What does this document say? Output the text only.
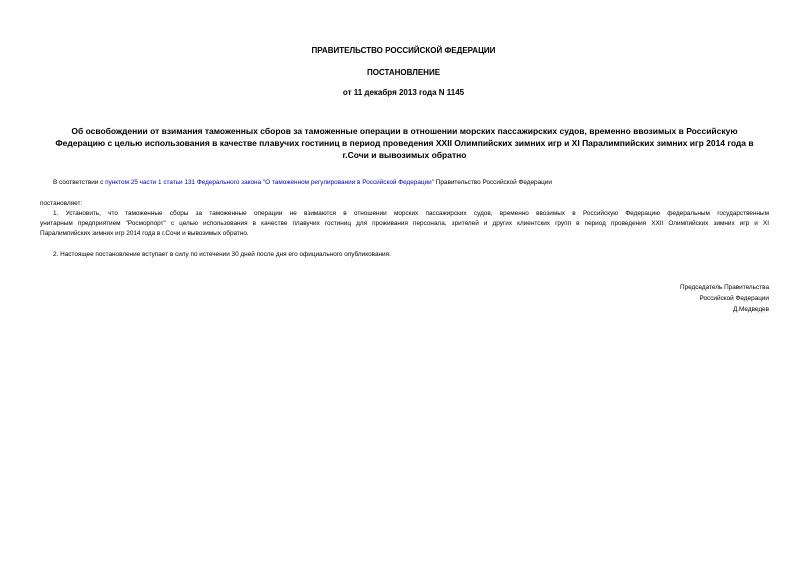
ПРАВИТЕЛЬСТВО РОССИЙСКОЙ ФЕДЕРАЦИИ
ПОСТАНОВЛЕНИЕ
от 11 декабря 2013 года N 1145
Об освобождении от взимания таможенных сборов за таможенные операции в отношении морских пассажирских судов, временно ввозимых в Российскую
Федерацию с целью использования в качестве плавучих гостиниц в период проведения XXII Олимпийских зимних игр и XI Паралимпийских зимних игр 2014 года в
г.Сочи и вывозимых обратно
В соответствии с пунктом 25 части 1 статьи 131 Федерального закона "О таможенном регулировании в Российской Федерации" Правительство Российской Федерации
постановляет:
1. Установить, что таможенные сборы за таможенные операции не взимаются в отношении морских пассажирских судов, временно ввозимых в Российскую Федерацию федеральным государственным
унитарным предприятием "Росморпорт" с целью использования в качестве плавучих гостиниц для проживания персонала, зрителей и других клиентских групп в период проведения XXII Олимпийских зимних игр и XI
Паралимпийских зимних игр 2014 года в г.Сочи и вывозимых обратно.
2. Настоящее постановление вступает в силу по истечении 30 дней после дня его официального опубликования.
Председатель Правительства
Российской Федерации
Д.Медведев
